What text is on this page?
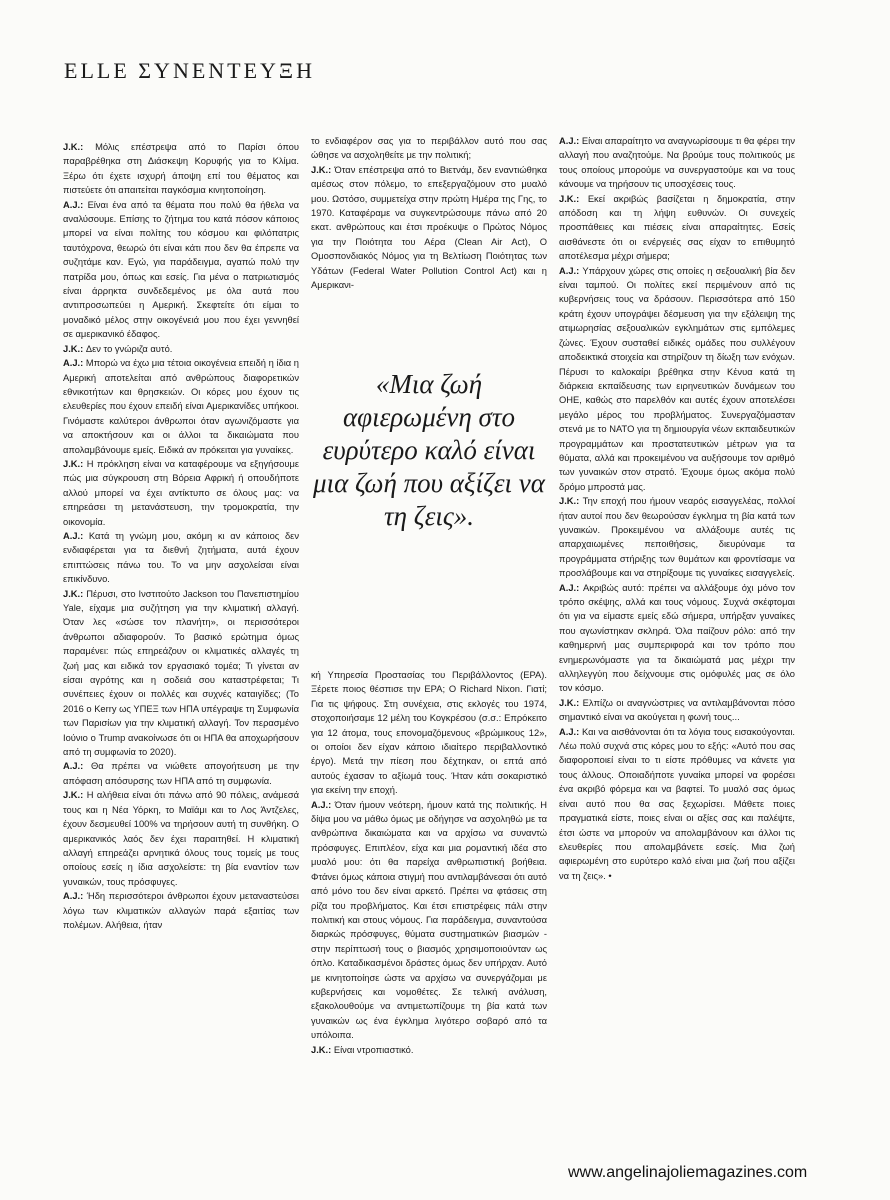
ELLE ΣΥΝΕΝΤΕΥΞΗ

J.K.: Μόλις επέστρεψα από το Παρίσι όπου παραβρέθηκα στη Διάσκεψη Κορυφής για το Κλίμα. Ξέρω ότι έχετε ισχυρή άποψη επί του θέματος και πιστεύετε ότι απαιτείται παγκόσμια κινητοποίηση.

A.J.: Είναι ένα από τα θέματα που πολύ θα ήθελα να αναλύσουμε. Επίσης το ζήτημα του κατά πόσον κάποιος μπορεί να είναι πολίτης του κόσμου και φιλόπατρις ταυτόχρονα, θεωρώ ότι είναι κάτι που δεν θα έπρεπε να συζητάμε καν. Εγώ, για παράδειγμα, αγαπώ πολύ την πατρίδα μου, όπως και εσείς. Για μένα ο πατριωτισμός είναι άρρηκτα συνδεδεμένος με όλα αυτά που αντιπροσωπεύει η Αμερική. Σκεφτείτε ότι είμαι το μοναδικό μέλος στην οικογένειά μου που έχει γεννηθεί σε αμερικανικό έδαφος.

J.K.: Δεν το γνώριζα αυτό.

A.J.: Μπορώ να έχω μια τέτοια οικογένεια επειδή η ίδια η Αμερική αποτελείται από ανθρώπους διαφορετικών εθνικοτήτων και θρησκειών. Οι κόρες μου έχουν τις ελευθερίες που έχουν επειδή είναι Αμερικανίδες υπήκοοι. Γινόμαστε καλύτεροι άνθρωποι όταν αγωνιζόμαστε για να αποκτήσουν και οι άλλοι τα δικαιώματα που απολαμβάνουμε εμείς. Ειδικά αν πρόκειται για γυναίκες.

J.K.: Η πρόκληση είναι να καταφέρουμε να εξηγήσουμε πώς μια σύγκρουση στη Βόρεια Αφρική ή οπουδήποτε αλλού μπορεί να έχει αντίκτυπο σε όλους μας: να επηρεάσει τη μετανάστευση, την τρομοκρατία, την οικονομία.

A.J.: Κατά τη γνώμη μου, ακόμη κι αν κάποιος δεν ενδιαφέρεται για τα διεθνή ζητήματα, αυτά έχουν επιπτώσεις πάνω του. Το να μην ασχολείσαι είναι επικίνδυνο.

J.K.: Πέρυσι, στο Ινστιτούτο Jackson του Πανεπιστημίου Yale, είχαμε μια συζήτηση για την κλιματική αλλαγή. Όταν λες «σώσε τον πλανήτη», οι περισσότεροι άνθρωποι αδιαφορούν. Το βασικό ερώτημα όμως παραμένει: πώς επηρεάζουν οι κλιματικές αλλαγές τη ζωή μας και ειδικά τον εργασιακό τομέα; Τι γίνεται αν είσαι αγρότης και η σοδειά σου καταστρέφεται; Τι συνέπειες έχουν οι πολλές και συχνές καταιγίδες; (Το 2016 ο Kerry ως ΥΠΕΞ των ΗΠΑ υπέγραψε τη Συμφωνία των Παρισίων για την κλιματική αλλαγή. Τον περασμένο Ιούνιο ο Trump ανακοίνωσε ότι οι ΗΠΑ θα αποχωρήσουν από τη συμφωνία το 2020).

A.J.: Θα πρέπει να νιώθετε απογοήτευση με την απόφαση απόσυρσης των ΗΠΑ από τη συμφωνία.

J.K.: Η αλήθεια είναι ότι πάνω από 90 πόλεις, ανάμεσά τους και η Νέα Υόρκη, το Μαϊάμι και το Λος Άντζελες, έχουν δεσμευθεί 100% να τηρήσουν αυτή τη συνθήκη. Ο αμερικανικός λαός δεν έχει παραιτηθεί. Η κλιματική αλλαγή επηρεάζει αρνητικά όλους τους τομείς με τους οποίους εσείς η ίδια ασχολείστε: τη βία εναντίον των γυναικών, τους πρόσφυγες.

A.J.: Ήδη περισσότεροι άνθρωποι έχουν μεταναστεύσει λόγω των κλιματικών αλλαγών παρά εξαιτίας των πολέμων. Αλήθεια, ήταν

το ενδιαφέρον σας για το περιβάλλον αυτό που σας ώθησε να ασχοληθείτε με την πολιτική;

J.K.: Όταν επέστρεψα από το Βιετνάμ, δεν εναντιώθηκα αμέσως στον πόλεμο, το επεξεργαζόμουν στο μυαλό μου. Ωστόσο, συμμετείχα στην πρώτη Ημέρα της Γης, το 1970. Καταφέραμε να συγκεντρώσουμε πάνω από 20 εκατ. ανθρώπους και έτσι προέκυψε ο Πρώτος Νόμος για την Ποιότητα του Αέρα (Clean Air Act), Ο Ομοσπονδιακός Νόμος για τη Βελτίωση Ποιότητας των Υδάτων (Federal Water Pollution Control Act) και η Αμερικανι-

«Μια ζωή αφιερωμένη στο ευρύτερο καλό είναι μια ζωή που αξίζει να τη ζεις».

κή Υπηρεσία Προστασίας του Περιβάλλοντος (EPA). Ξέρετε ποιος θέσπισε την EPA; Ο Richard Nixon. Γιατί; Για τις ψήφους. Στη συνέχεια, στις εκλογές του 1974, στοχοποιήσαμε 12 μέλη του Κογκρέσου (σ.σ.: Επρόκειτο για 12 άτομα, τους επονομαζόμενους «βρώμικους 12», οι οποίοι δεν είχαν κάποιο ιδιαίτερο περιβαλλοντικό έργο). Μετά την πίεση που δέχτηκαν, οι επτά από αυτούς έχασαν το αξίωμά τους. Ήταν κάτι σοκαριστικό για εκείνη την εποχή.

A.J.: Όταν ήμουν νεότερη, ήμουν κατά της πολιτικής. Η δίψα μου να μάθω όμως με οδήγησε να ασχοληθώ με τα ανθρώπινα δικαιώματα και να αρχίσω να συναντώ πρόσφυγες. Επιπλέον, είχα και μια ρομαντική ιδέα στο μυαλό μου: ότι θα παρείχα ανθρωπιστική βοήθεια. Φτάνει όμως κάποια στιγμή που αντιλαμβάνεσαι ότι αυτό από μόνο του δεν είναι αρκετό. Πρέπει να φτάσεις στη ρίζα του προβλήματος. Και έτσι επιστρέφεις πάλι στην πολιτική και στους νόμους. Για παράδειγμα, συναντούσα διαρκώς πρόσφυγες, θύματα συστηματικών βιασμών - στην περίπτωσή τους ο βιασμός χρησιμοποιούνταν ως όπλο. Καταδικασμένοι δράστες όμως δεν υπήρχαν. Αυτό με κινητοποίησε ώστε να αρχίσω να συνεργάζομαι με κυβερνήσεις και νομοθέτες. Σε τελική ανάλυση, εξακολουθούμε να αντιμετωπίζουμε τη βία κατά των γυναικών ως ένα έγκλημα λιγότερο σοβαρό από τα υπόλοιπα.

J.K.: Είναι ντροπιαστικό.

A.J.: Είναι απαραίτητο να αναγνωρίσουμε τι θα φέρει την αλλαγή που αναζητούμε. Να βρούμε τους πολιτικούς με τους οποίους μπορούμε να συνεργαστούμε και να τους κάνουμε να τηρήσουν τις υποσχέσεις τους.

J.K.: Εκεί ακριβώς βασίζεται η δημοκρατία, στην απόδοση και τη λήψη ευθυνών. Οι συνεχείς προσπάθειες και πιέσεις είναι απαραίτητες. Εσείς αισθάνεστε ότι οι ενέργειές σας είχαν το επιθυμητό αποτέλεσμα μέχρι σήμερα;

A.J.: Υπάρχουν χώρες στις οποίες η σεξουαλική βία δεν είναι ταμπού. Οι πολίτες εκεί περιμένουν από τις κυβερνήσεις τους να δράσουν. Περισσότερα από 150 κράτη έχουν υπογράψει δέσμευση για την εξάλειψη της ατιμωρησίας σεξουαλικών εγκλημάτων στις εμπόλεμες ζώνες. Έχουν συσταθεί ειδικές ομάδες που συλλέγουν αποδεικτικά στοιχεία και στηρίζουν τη δίωξη των ενόχων. Πέρυσι το καλοκαίρι βρέθηκα στην Κένυα κατά τη διάρκεια εκπαίδευσης των ειρηνευτικών δυνάμεων του ΟΗΕ, καθώς στο παρελθόν και αυτές έχουν αποτελέσει μεγάλο μέρος του προβλήματος. Συνεργαζόμασταν στενά με το ΝΑΤΟ για τη δημιουργία νέων εκπαιδευτικών προγραμμάτων και προστατευτικών μέτρων για τα θύματα, αλλά και προκειμένου να αυξήσουμε τον αριθμό των γυναικών στον στρατό. Έχουμε όμως ακόμα πολύ δρόμο μπροστά μας.

J.K.: Την εποχή που ήμουν νεαρός εισαγγελέας, πολλοί ήταν αυτοί που δεν θεωρούσαν έγκλημα τη βία κατά των γυναικών. Προκειμένου να αλλάξουμε αυτές τις απαρχαιωμένες πεποιθήσεις, διευρύναμε τα προγράμματα στήριξης των θυμάτων και φροντίσαμε να προσλάβουμε και να στηρίξουμε τις γυναίκες εισαγγελείς.

A.J.: Ακριβώς αυτό: πρέπει να αλλάξουμε όχι μόνο τον τρόπο σκέψης, αλλά και τους νόμους. Συχνά σκέφτομαι ότι για να είμαστε εμείς εδώ σήμερα, υπήρξαν γυναίκες που αγωνίστηκαν σκληρά. Όλα παίζουν ρόλο: από την καθημερινή μας συμπεριφορά και τον τρόπο που ενημερωνόμαστε για τα δικαιώματά μας μέχρι την αλληλεγγύη που δείχνουμε στις ομόφυλές μας σε όλο τον κόσμο.

J.K.: Ελπίζω οι αναγνώστριες να αντιλαμβάνονται πόσο σημαντικό είναι να ακούγεται η φωνή τους...

A.J.: Και να αισθάνονται ότι τα λόγια τους εισακούγονται. Λέω πολύ συχνά στις κόρες μου το εξής: «Αυτό που σας διαφοροποιεί είναι το τι είστε πρόθυμες να κάνετε για τους άλλους. Οποιαδήποτε γυναίκα μπορεί να φορέσει ένα ακριβό φόρεμα και να βαφτεί. Το μυαλό σας όμως είναι αυτό που θα σας ξεχωρίσει. Μάθετε ποιες πραγματικά είστε, ποιες είναι οι αξίες σας και παλέψτε, έτσι ώστε να μπορούν να απολαμβάνουν και άλλοι τις ελευθερίες που απολαμβάνετε εσείς. Μια ζωή αφιερωμένη στο ευρύτερο καλό είναι μια ζωή που αξίζει να τη ζεις». •

www.angelinajoliemagazines.com
